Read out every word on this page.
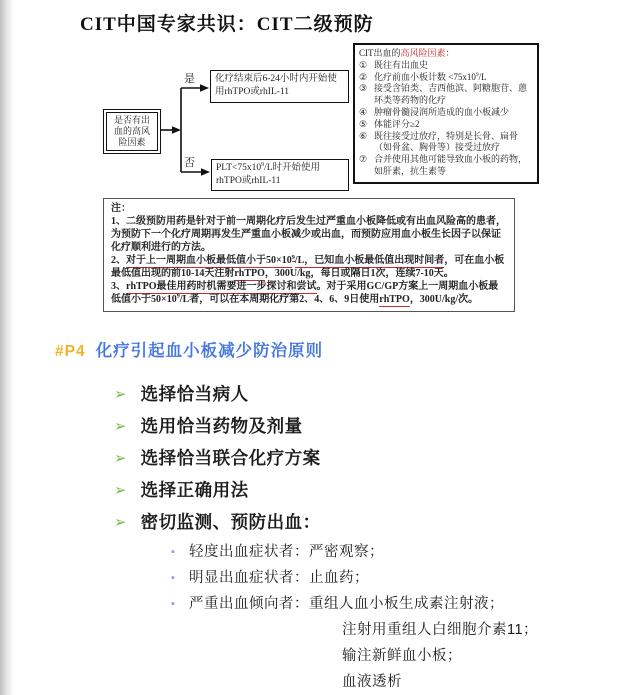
CIT中国专家共识：CIT二级预防
是否有出血的高风险因素
是
否
化疗结束后6-24小时内开始使用rhTPO或rhIL-11
$PLT<75x10^9/L$时开始使用rhTPO或rhIL-11
CIT出血的高风险因素：
① 既往有出血史
② 化疗前血小板计数 $<75x10^9/L$
③ 接受含铂类、吉西他滨、阿糖胞苷、蒽环类等药物的化疗
④ 肿瘤骨髓浸润所造成的血小板减少
⑤ 体能评分≥2
⑥ 既往接受过放疗，特别是长骨、扁骨（如骨盆、胸骨等）接受过放疗
⑦ 合并使用其他可能导致血小板的药物，如肝素，抗生素等

注：

1、二级预防用药是针对于前一周期化疗后发生过严重血小板降低或有出血风险高的患者，为预防下一个化疗周期再发生严重血小板减少或出血，而预防应用血小板生长因子以保证化疗顺利进行的方法。

2、对于上一周期血小板最低值小于$50\times 10^9/L$，已知血小板最低值出现时间者，可在血小板最低值出现的前10-14天注射rhTPO，300U/kg，每日或隔日1次，连续7-10天。

3、rhTPO最佳用药时机需要进一步探讨和尝试。对于采用GC/GP方案上一周期血小板最低值小于$50\times 10^9/L$者，可以在本周期化疗第2、4、6、9日使用rhTPO，300U/kg/次。

#P4 化疗引起血小板减少防治原则
➢ 选择恰当病人
➢ 选用恰当药物及剂量
➢ 选择恰当联合化疗方案
➢ 选择正确用法
➢ 密切监测、预防出血：
▪ 轻度出血症状者：严密观察；
▪ 明显出血症状者：止血药；
▪ 严重出血倾向者：重组人血小板生成素注射液；
注射用重组人白细胞介素11；
输注新鲜血小板；
血液透析
